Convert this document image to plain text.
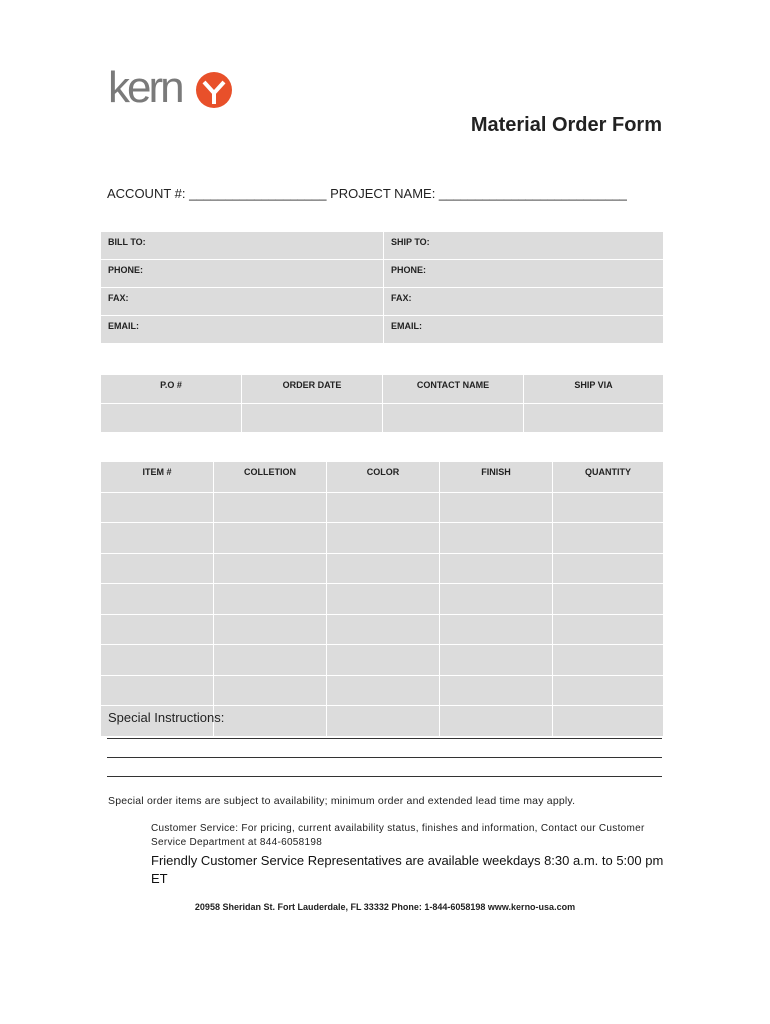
kern
Material Order Form
ACCOUNT #: ___________________ PROJECT NAME: __________________________
BILL TO:	SHIP TO:
PHONE:	PHONE:
FAX:	FAX:
EMAIL:	EMAIL:
P.O #	ORDER DATE	CONTACT NAME	SHIP VIA

ITEM #	COLLETION	COLOR	FINISH	QUANTITY

Special Instructions:
Special order items are subject to availability; minimum order and extended lead time may apply.
Customer Service: For pricing, current availability status, finishes and information, Contact our Customer Service Department at 844-6058198
Friendly Customer Service Representatives are available weekdays 8:30 a.m. to 5:00 pm ET
20958 Sheridan St. Fort Lauderdale, FL 33332 Phone: 1-844-6058198 www.kerno-usa.com
